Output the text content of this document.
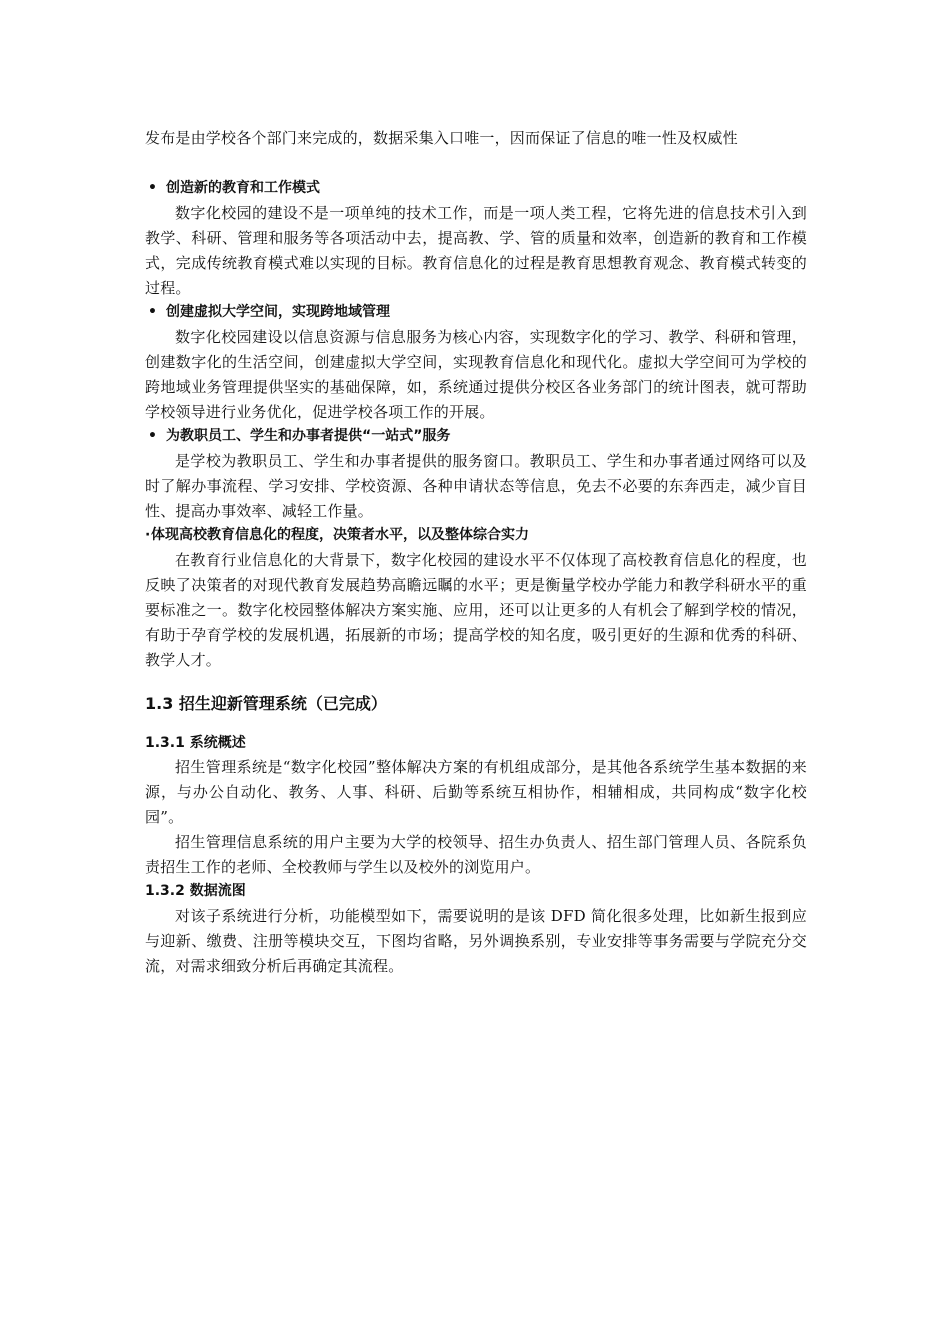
发布是由学校各个部门来完成的，数据采集入口唯一，因而保证了信息的唯一性及权威性

• 创造新的教育和工作模式

数字化校园的建设不是一项单纯的技术工作，而是一项人类工程，它将先进的信息技术引入到教学、科研、管理和服务等各项活动中去，提高教、学、管的质量和效率，创造新的教育和工作模式，完成传统教育模式难以实现的目标。教育信息化的过程是教育思想教育观念、教育模式转变的过程。

• 创建虚拟大学空间，实现跨地域管理

数字化校园建设以信息资源与信息服务为核心内容，实现数字化的学习、教学、科研和管理，创建数字化的生活空间，创建虚拟大学空间，实现教育信息化和现代化。虚拟大学空间可为学校的跨地域业务管理提供坚实的基础保障，如，系统通过提供分校区各业务部门的统计图表，就可帮助学校领导进行业务优化，促进学校各项工作的开展。

• 为教职员工、学生和办事者提供“一站式”服务

是学校为教职员工、学生和办事者提供的服务窗口。教职员工、学生和办事者通过网络可以及时了解办事流程、学习安排、学校资源、各种申请状态等信息，免去不必要的东奔西走，减少盲目性、提高办事效率、减轻工作量。

·体现高校教育信息化的程度，决策者水平，以及整体综合实力

在教育行业信息化的大背景下，数字化校园的建设水平不仅体现了高校教育信息化的程度，也反映了决策者的对现代教育发展趋势高瞻远瞩的水平；更是衡量学校办学能力和教学科研水平的重要标准之一。数字化校园整体解决方案实施、应用，还可以让更多的人有机会了解到学校的情况，有助于孕育学校的发展机遇，拓展新的市场；提高学校的知名度，吸引更好的生源和优秀的科研、教学人才。

1.3 招生迎新管理系统（已完成）
1.3.1 系统概述

招生管理系统是“数字化校园”整体解决方案的有机组成部分，是其他各系统学生基本数据的来源，与办公自动化、教务、人事、科研、后勤等系统互相协作，相辅相成，共同构成“数字化校园”。

招生管理信息系统的用户主要为大学的校领导、招生办负责人、招生部门管理人员、各院系负责招生工作的老师、全校教师与学生以及校外的浏览用户。

1.3.2 数据流图

对该子系统进行分析，功能模型如下，需要说明的是该 DFD 简化很多处理，比如新生报到应与迎新、缴费、注册等模块交互，下图均省略，另外调换系别，专业安排等事务需要与学院充分交流，对需求细致分析后再确定其流程。
